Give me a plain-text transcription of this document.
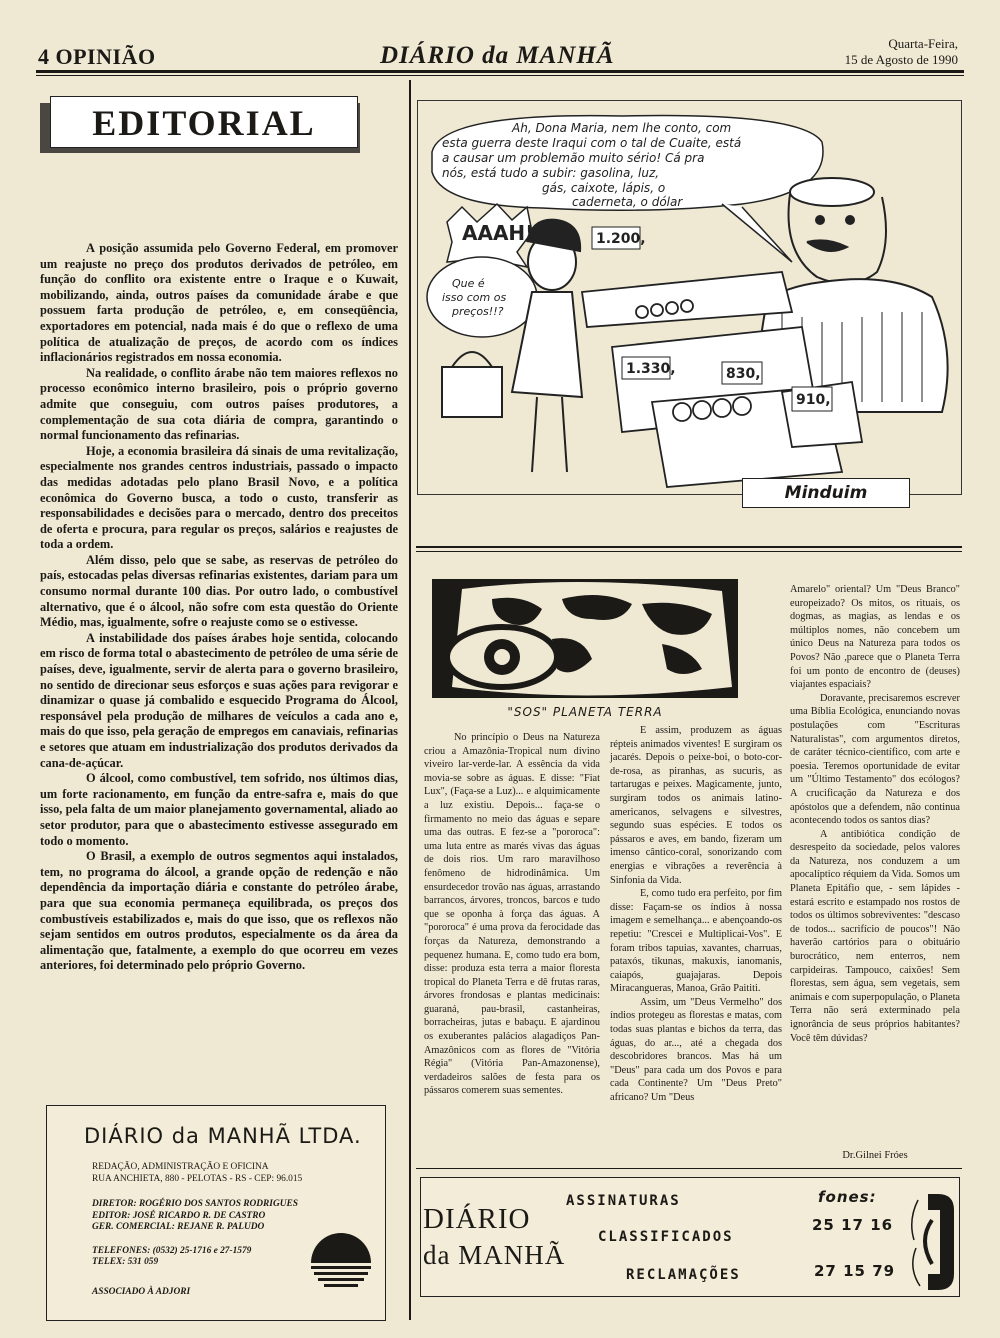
4 OPINIÃO	DIÁRIO da MANHÃ	Quarta-Feira,
15 de Agosto de 1990
EDITORIAL

A posição assumida pelo Governo Federal, em promover um reajuste no preço dos produtos derivados de petróleo, em função do conflito ora existente entre o Iraque e o Kuwait, mobilizando, ainda, outros países da comunidade árabe e que possuem farta produção de petróleo, e, em conseqüência, exportadores em potencial, nada mais é do que o reflexo de uma política de atualização de preços, de acordo com os índices inflacionários registrados em nossa economia.

Na realidade, o conflito árabe não tem maiores reflexos no processo econômico interno brasileiro, pois o próprio governo admite que conseguiu, com outros países produtores, a complementação de sua cota diária de compra, garantindo o normal funcionamento das refinarias.

Hoje, a economia brasileira dá sinais de uma revitalização, especialmente nos grandes centros industriais, passado o impacto das medidas adotadas pelo plano Brasil Novo, e a política econômica do Governo busca, a todo o custo, transferir as responsabilidades e decisões para o mercado, dentro dos preceitos de oferta e procura, para regular os preços, salários e reajustes de toda a ordem.

Além disso, pelo que se sabe, as reservas de petróleo do país, estocadas pelas diversas refinarias existentes, dariam para um consumo normal durante 100 dias. Por outro lado, o combustível alternativo, que é o álcool, não sofre com esta questão do Oriente Médio, mas, igualmente, sofre o reajuste como se o estivesse.

A instabilidade dos países árabes hoje sentida, colocando em risco de forma total o abastecimento de petróleo de uma série de países, deve, igualmente, servir de alerta para o governo brasileiro, no sentido de direcionar seus esforços e suas ações para revigorar e dinamizar o quase já combalido e esquecido Programa do Álcool, responsável pela produção de milhares de veículos a cada ano e, mais do que isso, pela geração de empregos em canaviais, refinarias e setores que atuam em industrialização dos produtos derivados da cana-de-açúcar.

O álcool, como combustível, tem sofrido, nos últimos dias, um forte racionamento, em função da entre-safra e, mais do que isso, pela falta de um maior planejamento governamental, aliado ao setor produtor, para que o abastecimento estivesse assegurado em todo o momento.

O Brasil, a exemplo de outros segmentos aqui instalados, tem, no programa do álcool, a grande opção de redenção e não dependência da importação diária e constante do petróleo árabe, para que sua economia permaneça equilibrada, os preços dos combustíveis estabilizados e, mais do que isso, que os reflexos não sejam sentidos em outros produtos, especialmente os da área da alimentação que, fatalmente, a exemplo do que ocorreu em vezes anteriores, foi determinado pelo próprio Governo.

1.200,
1.330,	830,
910,
AAAH!
Que é
isso com os
preços!!?
Ah, Dona Maria, nem lhe conto, com
esta guerra deste Iraqui com o tal de Cuaite, está
a causar um problemão muito sério! Cá pra
nós, está tudo a subir: gasolina, luz,
gás, caixote, lápis, o
caderneta, o dólar
Minduim
"SOS" PLANETA TERRA

No princípio o Deus na Natureza criou a Amazônia-Tropical num divino viveiro lar-verde-lar. A essência da vida movia-se sobre as águas. E disse: "Fiat Lux", (Faça-se a Luz)... e alquimicamente a luz existiu. Depois... faça-se o firmamento no meio das águas e separe uma das outras. E fez-se a "pororoca": uma luta entre as marés vivas das águas de dois rios. Um raro maravilhoso fenômeno de hidrodinâmica. Um ensurdecedor trovão nas águas, arrastando barrancos, árvores, troncos, barcos e tudo que se oponha à força das águas. A "pororoca" é uma prova da ferocidade das forças da Natureza, demonstrando a pequenez humana. E, como tudo era bom, disse: produza esta terra a maior floresta tropical do Planeta Terra e dê frutas raras, árvores frondosas e plantas medicinais: guaraná, pau-brasil, castanheiras, borracheiras, jutas e babaçu. E ajardinou os exuberantes palácios alagadiços Pan-Amazônicos com as flores de "Vitória Régia" (Vitória Pan-Amazonense), verdadeiros salões de festa para os pássaros comerem suas sementes.

E assim, produzem as águas répteis animados viventes! E surgiram os jacarés. Depois o peixe-boi, o boto-cor-de-rosa, as piranhas, as sucuris, as tartarugas e peixes. Magicamente, junto, surgiram todos os animais latino-americanos, selvagens e silvestres, segundo suas espécies. E todos os pássaros e aves, em bando, fizeram um imenso cântico-coral, sonorizando com energias e vibrações a reverência à Sinfonia da Vida.

E, como tudo era perfeito, por fim disse: Façam-se os índios à nossa imagem e semelhança... e abençoando-os repetiu: "Crescei e Multiplicai-Vos". E foram tribos tapuias, xavantes, charruas, pataxós, tikunas, makuxis, ianomanis, caiapós, guajajaras. Depois Miracangueras, Manoa, Grão Paititi.

Assim, um "Deus Vermelho" dos índios protegeu as florestas e matas, com todas suas plantas e bichos da terra, das águas, do ar..., até a chegada dos descobridores brancos. Mas há um "Deus" para cada um dos Povos e para cada Continente? Um "Deus Preto" africano? Um "Deus

Amarelo" oriental? Um "Deus Branco" europeizado? Os mitos, os rituais, os dogmas, as magias, as lendas e os múltiplos nomes, não concebem um único Deus na Natureza para todos os Povos? Não ,parece que o Planeta Terra foi um ponto de encontro de (deuses) viajantes espaciais?

Doravante, precisaremos escrever uma Bíblia Ecológica, enunciando novas postulações com "Escrituras Naturalistas", com argumentos diretos, de caráter técnico-científico, com arte e poesia. Teremos oportunidade de evitar um "Último Testamento" dos ecólogos? A crucificação da Natureza e dos apóstolos que a defendem, não continua acontecendo todos os santos dias?

A antibiótica condição de desrespeito da sociedade, pelos valores da Natureza, nos conduzem a um apocalíptico réquiem da Vida. Somos um Planeta Epitáfio que, - sem lápides - estará escrito e estampado nos rostos de todos os últimos sobreviventes: "descaso de todos... sacrifício de poucos"! Não haverão cartórios para o obituário burocrático, nem enterros, nem carpideiras. Tampouco, caixões! Sem florestas, sem água, sem vegetais, sem animais e com superpopulação, o Planeta Terra não será exterminado pela ignorância de seus próprios habitantes? Você têm dúvidas?

Dr.Gilnei Fróes
DIÁRIO da MANHÃ LTDA.
REDAÇÃO, ADMINISTRAÇÃO E OFICINA
RUA ANCHIETA, 880 - PELOTAS - RS - CEP: 96.015
DIRETOR: ROGÉRIO DOS SANTOS RODRIGUES
EDITOR: JOSÉ RICARDO R. DE CASTRO
GER. COMERCIAL: REJANE R. PALUDO
TELEFONES: (0532) 25-1716 e 27-1579
TELEX: 531 059
ASSOCIADO À ADJORI
DIÁRIO
da MANHÃ
ASSINATURAS
CLASSIFICADOS
RECLAMAÇÕES
fones:
25 17 16
27 15 79
